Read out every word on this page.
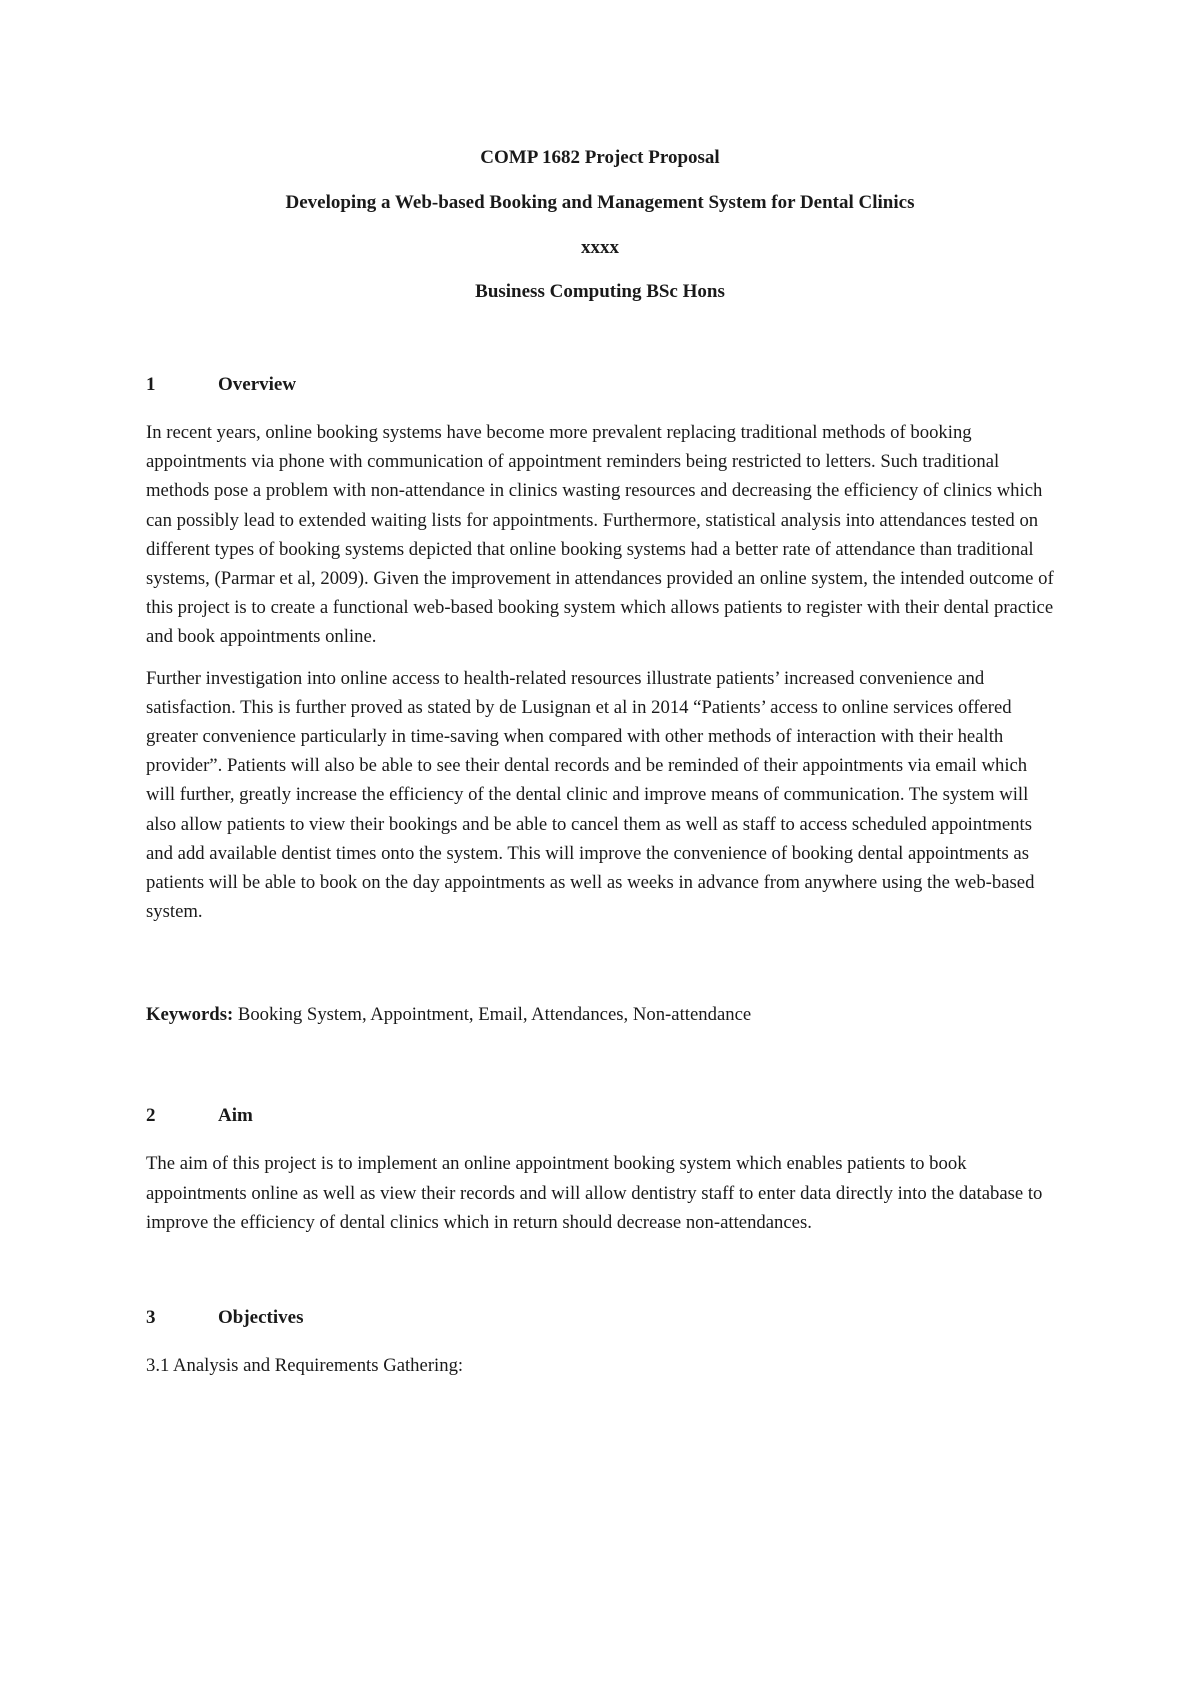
COMP 1682 Project Proposal
Developing a Web-based Booking and Management System for Dental Clinics
xxxx
Business Computing BSc Hons
1	Overview

In recent years, online booking systems have become more prevalent replacing traditional methods of booking appointments via phone with communication of appointment reminders being restricted to letters. Such traditional methods pose a problem with non-attendance in clinics wasting resources and decreasing the efficiency of clinics which can possibly lead to extended waiting lists for appointments. Furthermore, statistical analysis into attendances tested on different types of booking systems depicted that online booking systems had a better rate of attendance than traditional systems, (Parmar et al, 2009). Given the improvement in attendances provided an online system, the intended outcome of this project is to create a functional web-based booking system which allows patients to register with their dental practice and book appointments online.

Further investigation into online access to health-related resources illustrate patients’ increased convenience and satisfaction. This is further proved as stated by de Lusignan et al in 2014 “Patients’ access to online services offered greater convenience particularly in time-saving when compared with other methods of interaction with their health provider”. Patients will also be able to see their dental records and be reminded of their appointments via email which will further, greatly increase the efficiency of the dental clinic and improve means of communication. The system will also allow patients to view their bookings and be able to cancel them as well as staff to access scheduled appointments and add available dentist times onto the system. This will improve the convenience of booking dental appointments as patients will be able to book on the day appointments as well as weeks in advance from anywhere using the web-based system.

Keywords: Booking System, Appointment, Email, Attendances, Non-attendance
2	Aim

The aim of this project is to implement an online appointment booking system which enables patients to book appointments online as well as view their records and will allow dentistry staff to enter data directly into the database to improve the efficiency of dental clinics which in return should decrease non-attendances.

3	Objectives
3.1 Analysis and Requirements Gathering:
